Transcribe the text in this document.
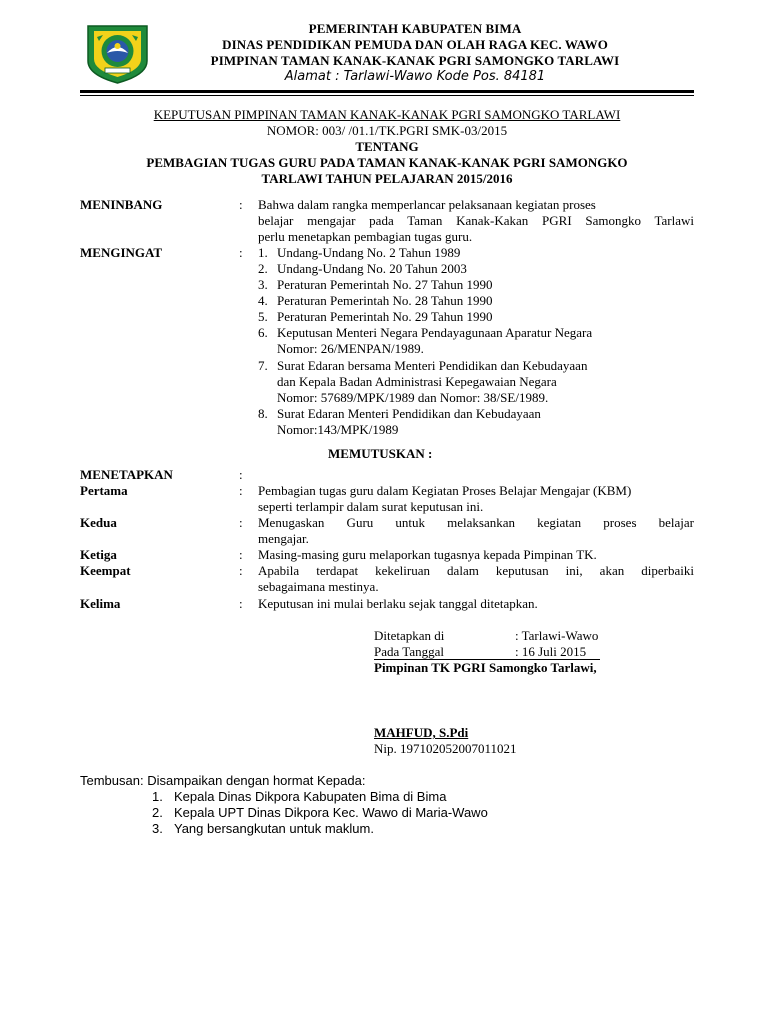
PEMERINTAH KABUPATEN BIMA
DINAS PENDIDIKAN PEMUDA DAN OLAH RAGA KEC. WAWO
PIMPINAN TAMAN KANAK-KANAK PGRI SAMONGKO TARLAWI
Alamat : Tarlawi-Wawo Kode Pos. 84181
KEPUTUSAN PIMPINAN TAMAN KANAK-KANAK PGRI SAMONGKO TARLAWI
NOMOR: 003/ /01.1/TK.PGRI SMK-03/2015
TENTANG
PEMBAGIAN TUGAS GURU PADA TAMAN KANAK-KANAK PGRI SAMONGKO
TARLAWI TAHUN PELAJARAN 2015/2016
MENINBANG	: Bahwa dalam rangka memperlancar pelaksanaan kegiatan proses
belajar mengajar pada Taman Kanak-Kakan PGRI Samongko Tarlawi
perlu menetapkan pembagian tugas guru.
MENGINGAT	: 1. Undang-Undang No. 2 Tahun 1989
2. Undang-Undang No. 20 Tahun 2003
3. Peraturan Pemerintah No. 27 Tahun 1990
4. Peraturan Pemerintah No. 28 Tahun 1990
5. Peraturan Pemerintah No. 29 Tahun 1990
6. Keputusan Menteri Negara Pendayagunaan Aparatur Negara
Nomor: 26/MENPAN/1989.
7. Surat Edaran bersama Menteri Pendidikan dan Kebudayaan
dan Kepala Badan Administrasi Kepegawaian Negara
Nomor: 57689/MPK/1989 dan Nomor: 38/SE/1989.
8. Surat Edaran Menteri Pendidikan dan Kebudayaan
Nomor:143/MPK/1989
MEMUTUSKAN :
MENETAPKAN	:
Pertama	: Pembagian tugas guru dalam Kegiatan Proses Belajar Mengajar (KBM)
seperti terlampir dalam surat keputusan ini.
Kedua	: Menugaskan Guru untuk melaksankan kegiatan proses belajar
mengajar.
Ketiga	: Masing-masing guru melaporkan tugasnya kepada Pimpinan TK.
Keempat	: Apabila terdapat kekeliruan dalam keputusan ini, akan diperbaiki
sebagaimana mestinya.
Kelima	: Keputusan ini mulai berlaku sejak tanggal ditetapkan.
Ditetapkan di	: Tarlawi-Wawo
Pada Tanggal	: 16 Juli 2015
Pimpinan TK PGRI Samongko Tarlawi,
MAHFUD, S.Pdi
Nip. 197102052007011021
Tembusan: Disampaikan dengan hormat Kepada:
1. Kepala Dinas Dikpora Kabupaten Bima di Bima
2. Kepala UPT Dinas Dikpora Kec. Wawo di Maria-Wawo
3. Yang bersangkutan untuk maklum.
